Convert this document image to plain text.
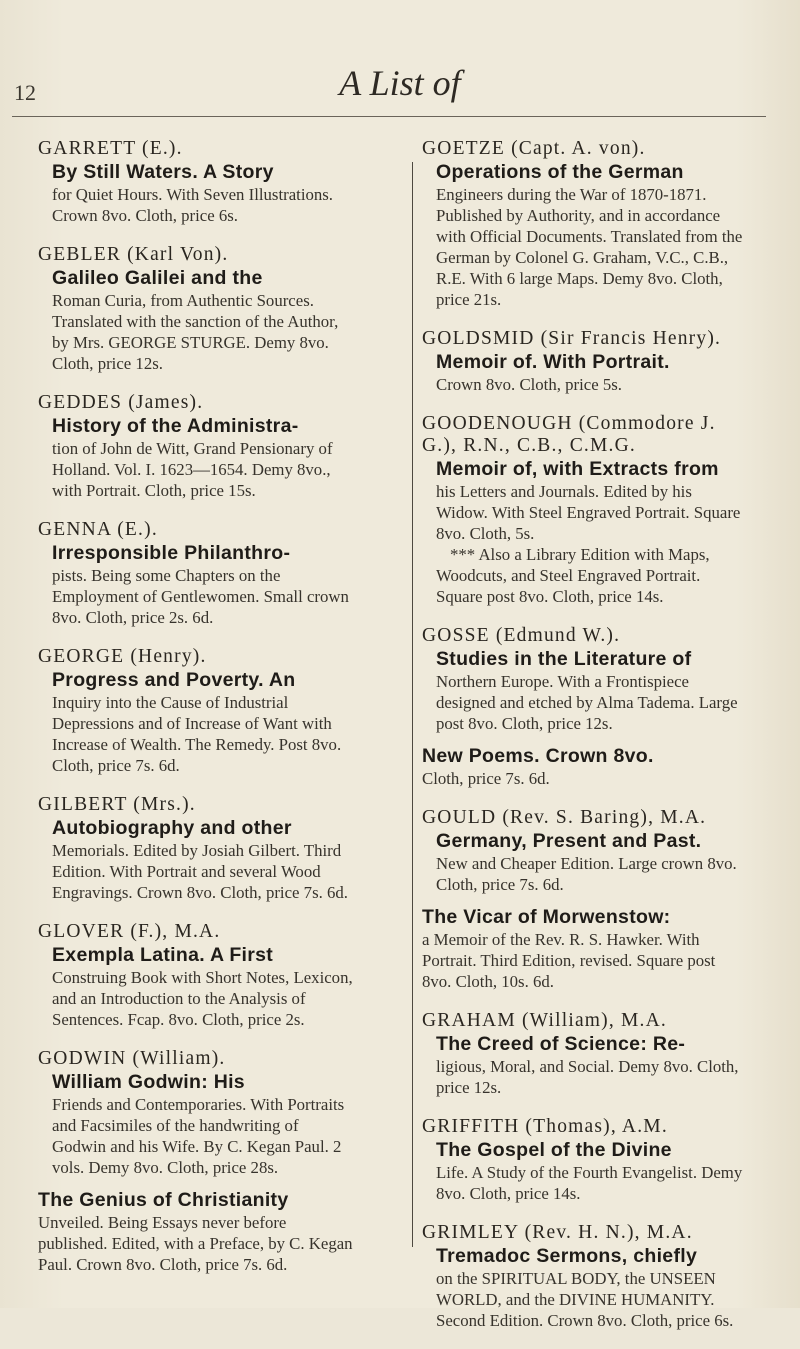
12	A List of
GARRETT (E.).
By Still Waters. A Story
for Quiet Hours. With Seven Illustrations. Crown 8vo. Cloth, price 6s.
GEBLER (Karl Von).
Galileo Galilei and the
Roman Curia, from Authentic Sources. Translated with the sanction of the Author, by Mrs. GEORGE STURGE. Demy 8vo. Cloth, price 12s.
GEDDES (James).
History of the Administra-
tion of John de Witt, Grand Pensionary of Holland. Vol. I. 1623—1654. Demy 8vo., with Portrait. Cloth, price 15s.
GENNA (E.).
Irresponsible Philanthro-
pists. Being some Chapters on the Employment of Gentlewomen. Small crown 8vo. Cloth, price 2s. 6d.
GEORGE (Henry).
Progress and Poverty. An
Inquiry into the Cause of Industrial Depressions and of Increase of Want with Increase of Wealth. The Remedy. Post 8vo. Cloth, price 7s. 6d.
GILBERT (Mrs.).
Autobiography and other
Memorials. Edited by Josiah Gilbert. Third Edition. With Portrait and several Wood Engravings. Crown 8vo. Cloth, price 7s. 6d.
GLOVER (F.), M.A.
Exempla Latina. A First
Construing Book with Short Notes, Lexicon, and an Introduction to the Analysis of Sentences. Fcap. 8vo. Cloth, price 2s.
GODWIN (William).
William Godwin: His
Friends and Contemporaries. With Portraits and Facsimiles of the handwriting of Godwin and his Wife. By C. Kegan Paul. 2 vols. Demy 8vo. Cloth, price 28s.
The Genius of Christianity
Unveiled. Being Essays never before published. Edited, with a Preface, by C. Kegan Paul. Crown 8vo. Cloth, price 7s. 6d.
GOETZE (Capt. A. von).
Operations of the German
Engineers during the War of 1870-1871. Published by Authority, and in accordance with Official Documents. Translated from the German by Colonel G. Graham, V.C., C.B., R.E. With 6 large Maps. Demy 8vo. Cloth, price 21s.
GOLDSMID (Sir Francis Henry).
Memoir of. With Portrait.
Crown 8vo. Cloth, price 5s.
GOODENOUGH (Commodore J. G.), R.N., C.B., C.M.G.
Memoir of, with Extracts from
his Letters and Journals. Edited by his Widow. With Steel Engraved Portrait. Square 8vo. Cloth, 5s.
*** Also a Library Edition with Maps, Woodcuts, and Steel Engraved Portrait. Square post 8vo. Cloth, price 14s.
GOSSE (Edmund W.).
Studies in the Literature of
Northern Europe. With a Frontispiece designed and etched by Alma Tadema. Large post 8vo. Cloth, price 12s.
New Poems. Crown 8vo.
Cloth, price 7s. 6d.
GOULD (Rev. S. Baring), M.A.
Germany, Present and Past.
New and Cheaper Edition. Large crown 8vo. Cloth, price 7s. 6d.
The Vicar of Morwenstow:
a Memoir of the Rev. R. S. Hawker. With Portrait. Third Edition, revised. Square post 8vo. Cloth, 10s. 6d.
GRAHAM (William), M.A.
The Creed of Science: Re-
ligious, Moral, and Social. Demy 8vo. Cloth, price 12s.
GRIFFITH (Thomas), A.M.
The Gospel of the Divine
Life. A Study of the Fourth Evangelist. Demy 8vo. Cloth, price 14s.
GRIMLEY (Rev. H. N.), M.A.
Tremadoc Sermons, chiefly
on the SPIRITUAL BODY, the UNSEEN WORLD, and the DIVINE HUMANITY. Second Edition. Crown 8vo. Cloth, price 6s.
